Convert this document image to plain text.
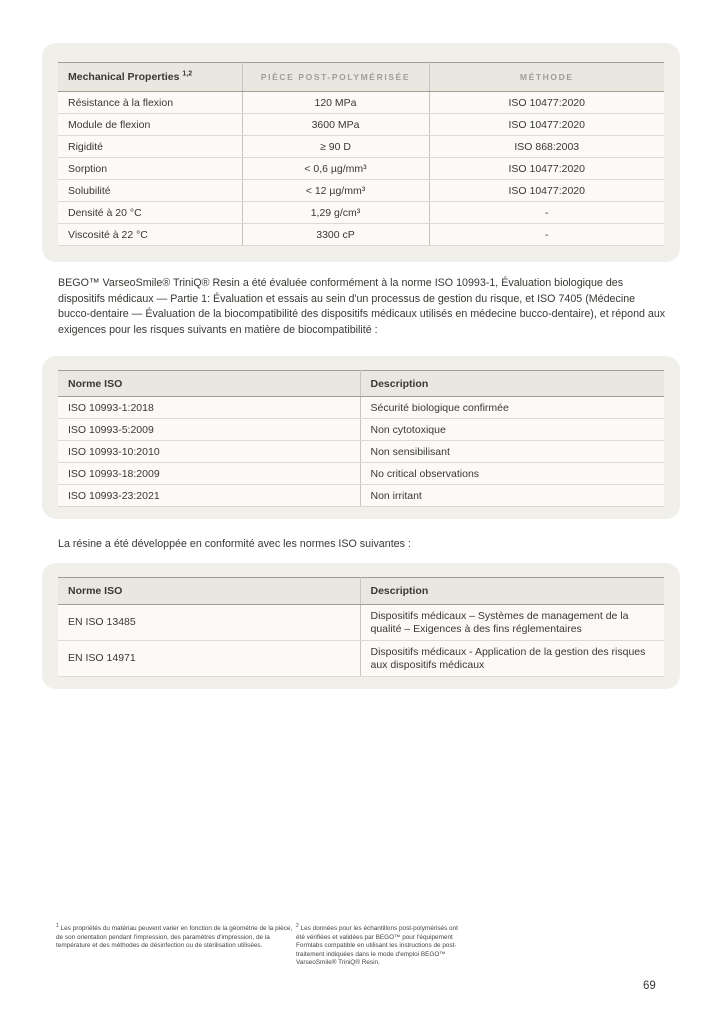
Mechanical Properties $^{1,2}$	PIÈCE POST-POLYMÉRISÉE	MÉTHODE
Résistance à la flexion	120 MPa	ISO 10477:2020
Module de flexion	3600 MPa	ISO 10477:2020
Rigidité	≥ 90 D	ISO 868:2003
Sorption	< 0,6 µg/mm³	ISO 10477:2020
Solubilité	< 12 µg/mm³	ISO 10477:2020
Densité à 20 °C	1,29 g/cm³	-
Viscosité à 22 °C	3300 cP	-

BEGO™ VarseoSmile® TriniQ® Resin a été évaluée conformément à la norme ISO 10993-1, Évaluation biologique des dispositifs médicaux — Partie 1: Évaluation et essais au sein d'un processus de gestion du risque, et ISO 7405 (Médecine bucco-dentaire — Évaluation de la biocompatibilité des dispositifs médicaux utilisés en médecine bucco-dentaire), et répond aux exigences pour les risques suivants en matière de biocompatibilité :

Norme ISO	Description
ISO 10993-1:2018	Sécurité biologique confirmée
ISO 10993-5:2009	Non cytotoxique
ISO 10993-10:2010	Non sensibilisant
ISO 10993-18:2009	No critical observations
ISO 10993-23:2021	Non irritant

La résine a été développée en conformité avec les normes ISO suivantes :

Norme ISO	Description
EN ISO 13485	Dispositifs médicaux – Systèmes de management de la qualité – Exigences à des fins réglementaires
EN ISO 14971	Dispositifs médicaux - Application de la gestion des risques aux dispositifs médicaux
$^1$ Les propriétés du matériau peuvent varier en fonction de la géométrie de la pièce, de son orientation pendant l'impression, des paramètres d'impression, de la température et des méthodes de désinfection ou de stérilisation utilisées.
$^2$ Les données pour les échantillons post-polymérisés ont été vérifiées et validées par BEGO™ pour l'équipement Formlabs compatible en utilisant les instructions de post-traitement indiquées dans le mode d'emploi BEGO™ VarseoSmile® TriniQ® Resin.
69
